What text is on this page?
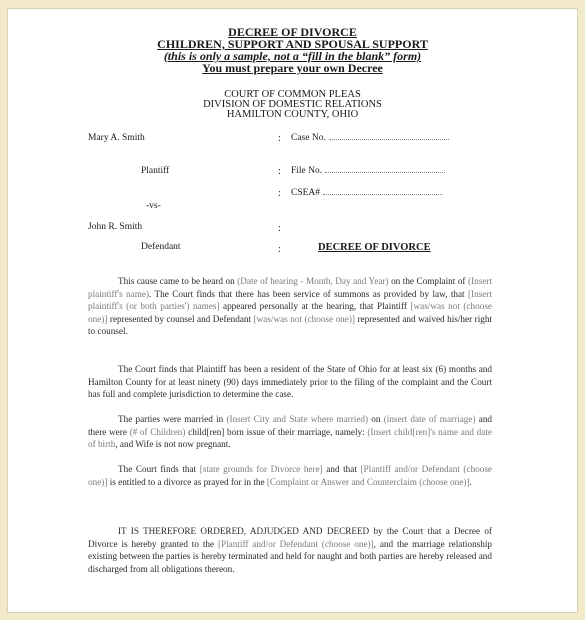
DECREE OF DIVORCE
CHILDREN, SUPPORT AND SPOUSAL SUPPORT
(this is only a sample, not a “fill in the blank” form)
You must prepare your own Decree
COURT OF COMMON PLEAS
DIVISION OF DOMESTIC RELATIONS
HAMILTON COUNTY, OHIO
Mary A. Smith	: Case No.
Plantiff	: File No.
: CSEA#
-vs-
John R. Smith	:
Defendant	:	DECREE OF DIVORCE
This cause came to be heard on (Date of hearing - Month, Day and Year) on the Complaint of (Insert plaintiff's name). The Court finds that there has been service of summons as provided by law, that [Insert plaintiff's (or both parties') names] appeared personally at the hearing, that Plaintiff [was/was not (choose one)] represented by counsel and Defendant [was/was not (choose one)] represented and waived his/her right to counsel.
The Court finds that Plaintiff has been a resident of the State of Ohio for at least six (6) months and Hamilton County for at least ninety (90) days immediately prior to the filing of the complaint and the Court has full and complete jurisdiction to determine the case.
The parties were married in (Insert City and State where married) on (insert date of marriage) and there were (# of Children) child[ren] born issue of their marriage, namely: (Insert child[ren]'s name and date of birth, and Wife is not now pregnant.
The Court finds that [state grounds for Divorce here] and that [Plantiff and/or Defendant (choose one)] is entitled to a divorce as prayed for in the [Complaint or Answer and Counterclaim (choose one)].
IT IS THEREFORE ORDERED, ADJUDGED AND DECREED by the Court that a Decree of Divorce is hereby granted to the [Plantiff and/or Defendant (choose one)], and the marriage relationship existing between the parties is hereby terminated and held for naught and both parties are hereby released and discharged from all obligations thereon.
